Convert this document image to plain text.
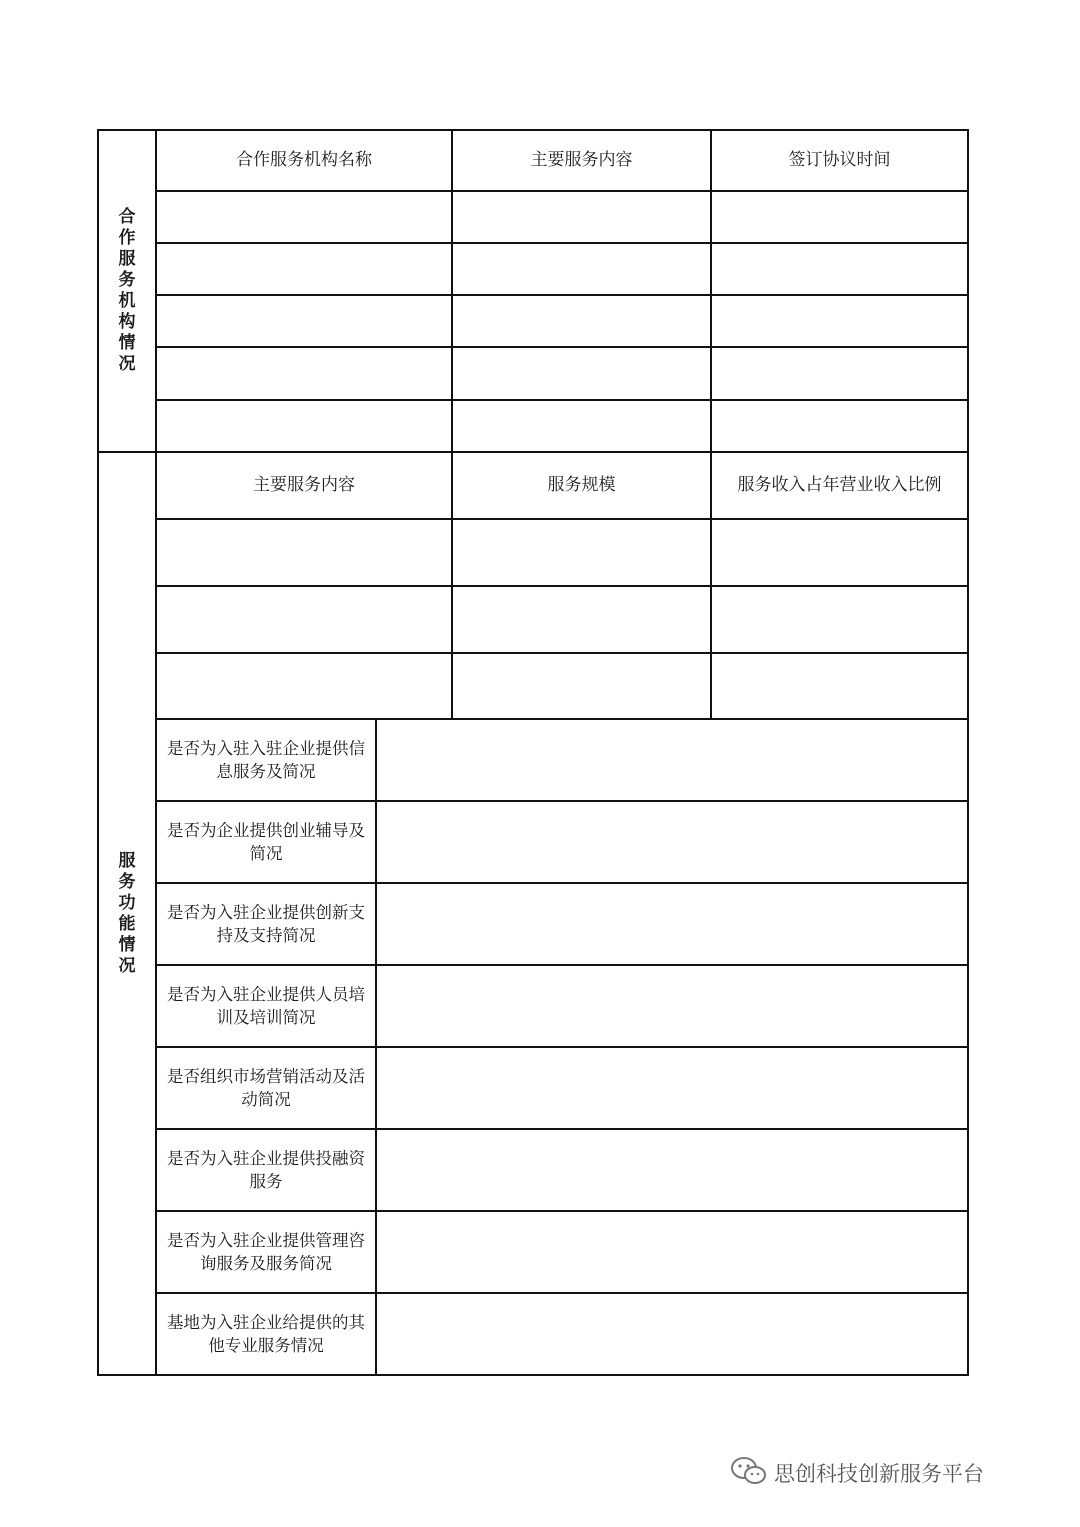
合作服务机构情况
合作服务机构名称	主要服务内容	签订协议时间
服务功能情况
主要服务内容	服务规模	服务收入占年营业收入比例
是否为入驻入驻企业提供信息服务及简况
是否为企业提供创业辅导及简况
是否为入驻企业提供创新支持及支持简况
是否为入驻企业提供人员培训及培训简况
是否组织市场营销活动及活动简况
是否为入驻企业提供投融资服务
是否为入驻企业提供管理咨询服务及服务简况
基地为入驻企业给提供的其他专业服务情况
思创科技创新服务平台
